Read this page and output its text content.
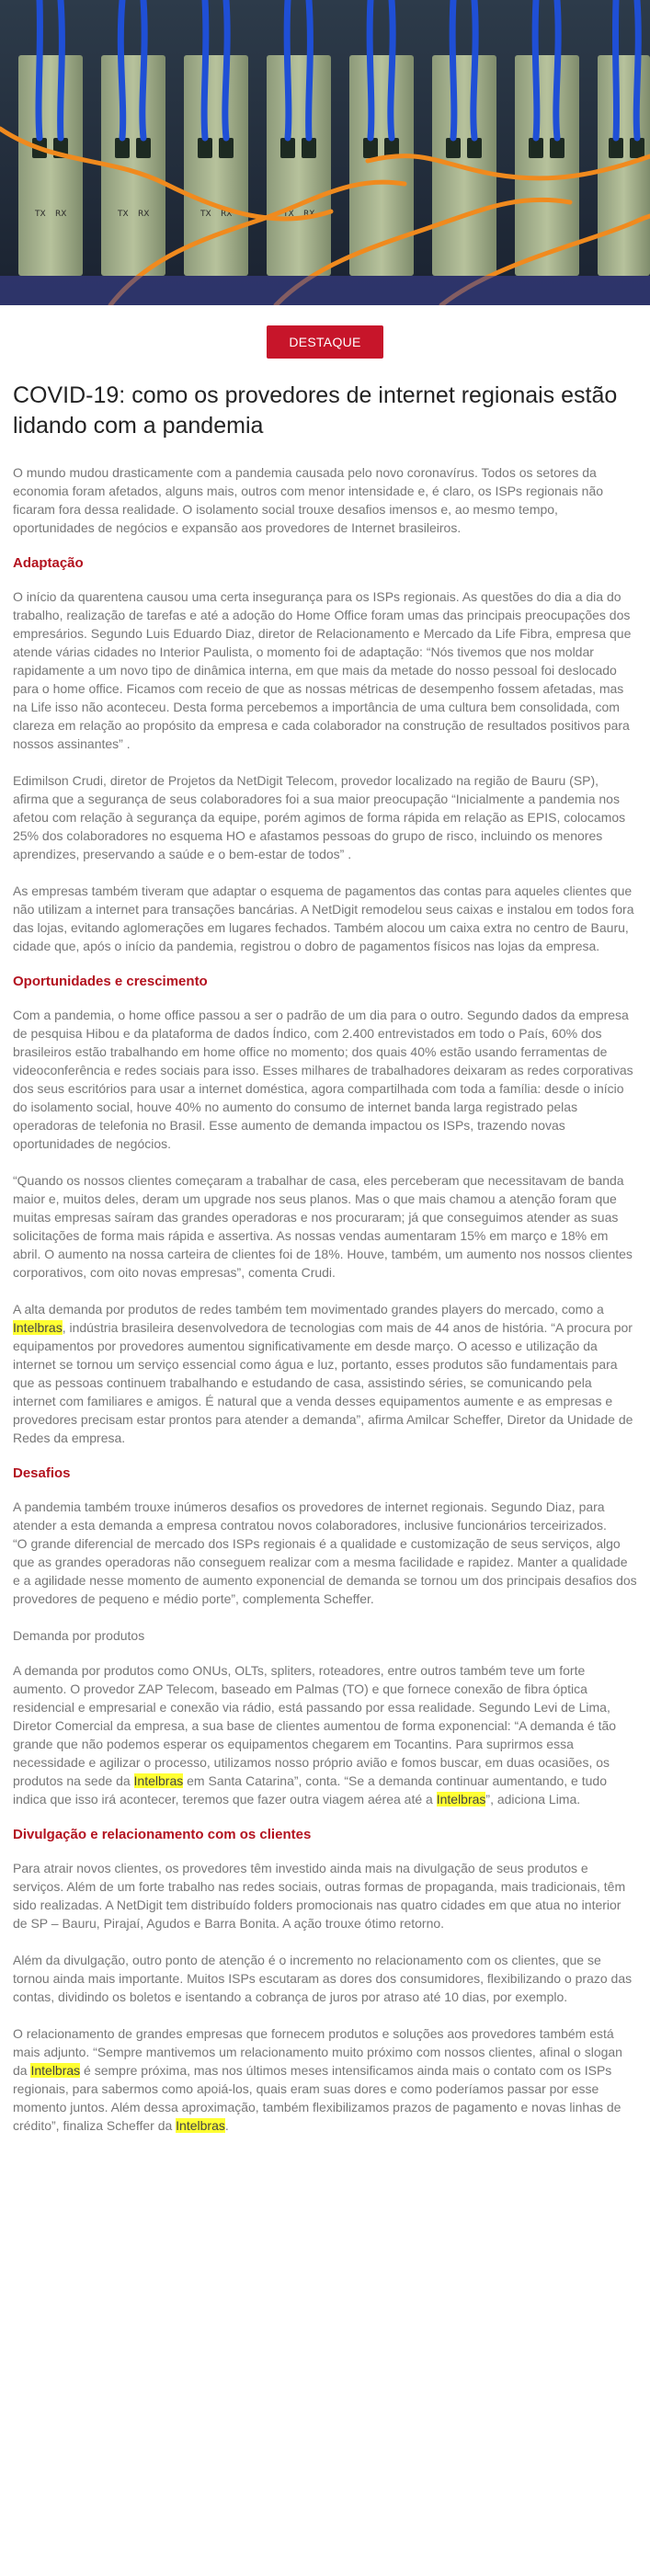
TX RX	TX RX	TX RX	TX RX
DESTAQUE
COVID-19: como os provedores de internet regionais estão lidando com a pandemia

O mundo mudou drasticamente com a pandemia causada pelo novo coronavírus. Todos os setores da economia foram afetados, alguns mais, outros com menor intensidade e, é claro, os ISPs regionais não ficaram fora dessa realidade. O isolamento social trouxe desafios imensos e, ao mesmo tempo, oportunidades de negócios e expansão aos provedores de Internet brasileiros.

Adaptação

O início da quarentena causou uma certa insegurança para os ISPs regionais. As questões do dia a dia do trabalho, realização de tarefas e até a adoção do Home Office foram umas das principais preocupações dos empresários. Segundo Luis Eduardo Diaz, diretor de Relacionamento e Mercado da Life Fibra, empresa que atende várias cidades no Interior Paulista, o momento foi de adaptação: “Nós tivemos que nos moldar rapidamente a um novo tipo de dinâmica interna, em que mais da metade do nosso pessoal foi deslocado para o home office. Ficamos com receio de que as nossas métricas de desempenho fossem afetadas, mas na Life isso não aconteceu. Desta forma percebemos a importância de uma cultura bem consolidada, com clareza em relação ao propósito da empresa e cada colaborador na construção de resultados positivos para nossos assinantes” .

Edimilson Crudi, diretor de Projetos da NetDigit Telecom, provedor localizado na região de Bauru (SP), afirma que a segurança de seus colaboradores foi a sua maior preocupação “Inicialmente a pandemia nos afetou com relação à segurança da equipe, porém agimos de forma rápida em relação as EPIS, colocamos 25% dos colaboradores no esquema HO e afastamos pessoas do grupo de risco, incluindo os menores aprendizes, preservando a saúde e o bem-estar de todos” .

As empresas também tiveram que adaptar o esquema de pagamentos das contas para aqueles clientes que não utilizam a internet para transações bancárias. A NetDigit remodelou seus caixas e instalou em todos fora das lojas, evitando aglomerações em lugares fechados. Também alocou um caixa extra no centro de Bauru, cidade que, após o início da pandemia, registrou o dobro de pagamentos físicos nas lojas da empresa.

Oportunidades e crescimento

Com a pandemia, o home office passou a ser o padrão de um dia para o outro. Segundo dados da empresa de pesquisa Hibou e da plataforma de dados Índico, com 2.400 entrevistados em todo o País, 60% dos brasileiros estão trabalhando em home office no momento; dos quais 40% estão usando ferramentas de videoconferência e redes sociais para isso. Esses milhares de trabalhadores deixaram as redes corporativas dos seus escritórios para usar a internet doméstica, agora compartilhada com toda a família: desde o início do isolamento social, houve 40% no aumento do consumo de internet banda larga registrado pelas operadoras de telefonia no Brasil. Esse aumento de demanda impactou os ISPs, trazendo novas oportunidades de negócios.

“Quando os nossos clientes começaram a trabalhar de casa, eles perceberam que necessitavam de banda maior e, muitos deles, deram um upgrade nos seus planos. Mas o que mais chamou a atenção foram que muitas empresas saíram das grandes operadoras e nos procuraram; já que conseguimos atender as suas solicitações de forma mais rápida e assertiva. As nossas vendas aumentaram 15% em março e 18% em abril. O aumento na nossa carteira de clientes foi de 18%. Houve, também, um aumento nos nossos clientes corporativos, com oito novas empresas”, comenta Crudi.

A alta demanda por produtos de redes também tem movimentado grandes players do mercado, como a Intelbras, indústria brasileira desenvolvedora de tecnologias com mais de 44 anos de história. “A procura por equipamentos por provedores aumentou significativamente em desde março. O acesso e utilização da internet se tornou um serviço essencial como água e luz, portanto, esses produtos são fundamentais para que as pessoas continuem trabalhando e estudando de casa, assistindo séries, se comunicando pela internet com familiares e amigos. É natural que a venda desses equipamentos aumente e as empresas e provedores precisam estar prontos para atender a demanda”, afirma Amilcar Scheffer, Diretor da Unidade de Redes da empresa.

Desafios

A pandemia também trouxe inúmeros desafios os provedores de internet regionais. Segundo Diaz, para atender a esta demanda a empresa contratou novos colaboradores, inclusive funcionários terceirizados.

“O grande diferencial de mercado dos ISPs regionais é a qualidade e customização de seus serviços, algo que as grandes operadoras não conseguem realizar com a mesma facilidade e rapidez. Manter a qualidade e a agilidade nesse momento de aumento exponencial de demanda se tornou um dos principais desafios dos provedores de pequeno e médio porte”, complementa Scheffer.

Demanda por produtos

A demanda por produtos como ONUs, OLTs, spliters, roteadores, entre outros também teve um forte aumento. O provedor ZAP Telecom, baseado em Palmas (TO) e que fornece conexão de fibra óptica residencial e empresarial e conexão via rádio, está passando por essa realidade. Segundo Levi de Lima, Diretor Comercial da empresa, a sua base de clientes aumentou de forma exponencial: “A demanda é tão grande que não podemos esperar os equipamentos chegarem em Tocantins. Para suprirmos essa necessidade e agilizar o processo, utilizamos nosso próprio avião e fomos buscar, em duas ocasiões, os produtos na sede da Intelbras em Santa Catarina”, conta. “Se a demanda continuar aumentando, e tudo indica que isso irá acontecer, teremos que fazer outra viagem aérea até a Intelbras”, adiciona Lima.

Divulgação e relacionamento com os clientes

Para atrair novos clientes, os provedores têm investido ainda mais na divulgação de seus produtos e serviços. Além de um forte trabalho nas redes sociais, outras formas de propaganda, mais tradicionais, têm sido realizadas. A NetDigit tem distribuído folders promocionais nas quatro cidades em que atua no interior de SP – Bauru, Pirajaí, Agudos e Barra Bonita. A ação trouxe ótimo retorno.

Além da divulgação, outro ponto de atenção é o incremento no relacionamento com os clientes, que se tornou ainda mais importante. Muitos ISPs escutaram as dores dos consumidores, flexibilizando o prazo das contas, dividindo os boletos e isentando a cobrança de juros por atraso até 10 dias, por exemplo.

O relacionamento de grandes empresas que fornecem produtos e soluções aos provedores também está mais adjunto. “Sempre mantivemos um relacionamento muito próximo com nossos clientes, afinal o slogan da Intelbras é sempre próxima, mas nos últimos meses intensificamos ainda mais o contato com os ISPs regionais, para sabermos como apoiá-los, quais eram suas dores e como poderíamos passar por esse momento juntos. Além dessa aproximação, também flexibilizamos prazos de pagamento e novas linhas de crédito”, finaliza Scheffer da Intelbras.
